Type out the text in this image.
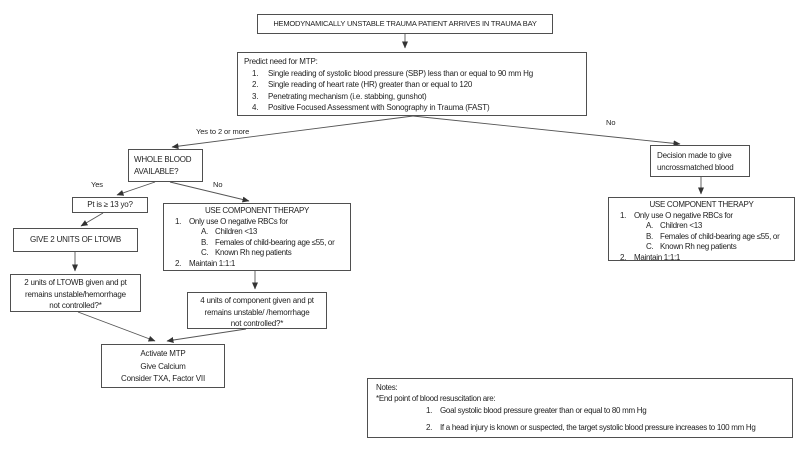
HEMODYNAMICALLY UNSTABLE TRAUMA PATIENT ARRIVES IN TRAUMA BAY
Predict need for MTP:
1.	Single reading of systolic blood pressure (SBP) less than or equal to 90 mm Hg
2.	Single reading of heart rate (HR) greater than or equal to 120
3.	Penetrating mechanism (i.e. stabbing, gunshot)
4.	Positive Focused Assessment with Sonography in Trauma (FAST)
Yes to 2 or more
No
Yes	No
WHOLE BLOOD AVAILABLE?
Pt is ≥ 13 yo?
GIVE 2 UNITS OF LTOWB
2 units of LTOWB given and pt
remains unstable/hemorrhage
not controlled?*
USE COMPONENT THERAPY
1. Only use O negative RBCs for
A. Children <13
B. Females of child-bearing age ≤55, or
C. Known Rh neg patients
2. Maintain 1:1:1
4 units of component given and pt
remains unstable/ /hemorrhage
not controlled?*
Activate MTP
Give Calcium
Consider TXA, Factor VII
Decision made to give uncrossmatched blood
USE COMPONENT THERAPY
1. Only use O negative RBCs for
A. Children <13
B. Females of child-bearing age ≤55, or
C. Known Rh neg patients
2. Maintain 1:1:1
Notes:
*End point of blood resuscitation are:
1. Goal systolic blood pressure greater than or equal to 80 mm Hg
2. If a head injury is known or suspected, the target systolic blood pressure increases to 100 mm Hg
